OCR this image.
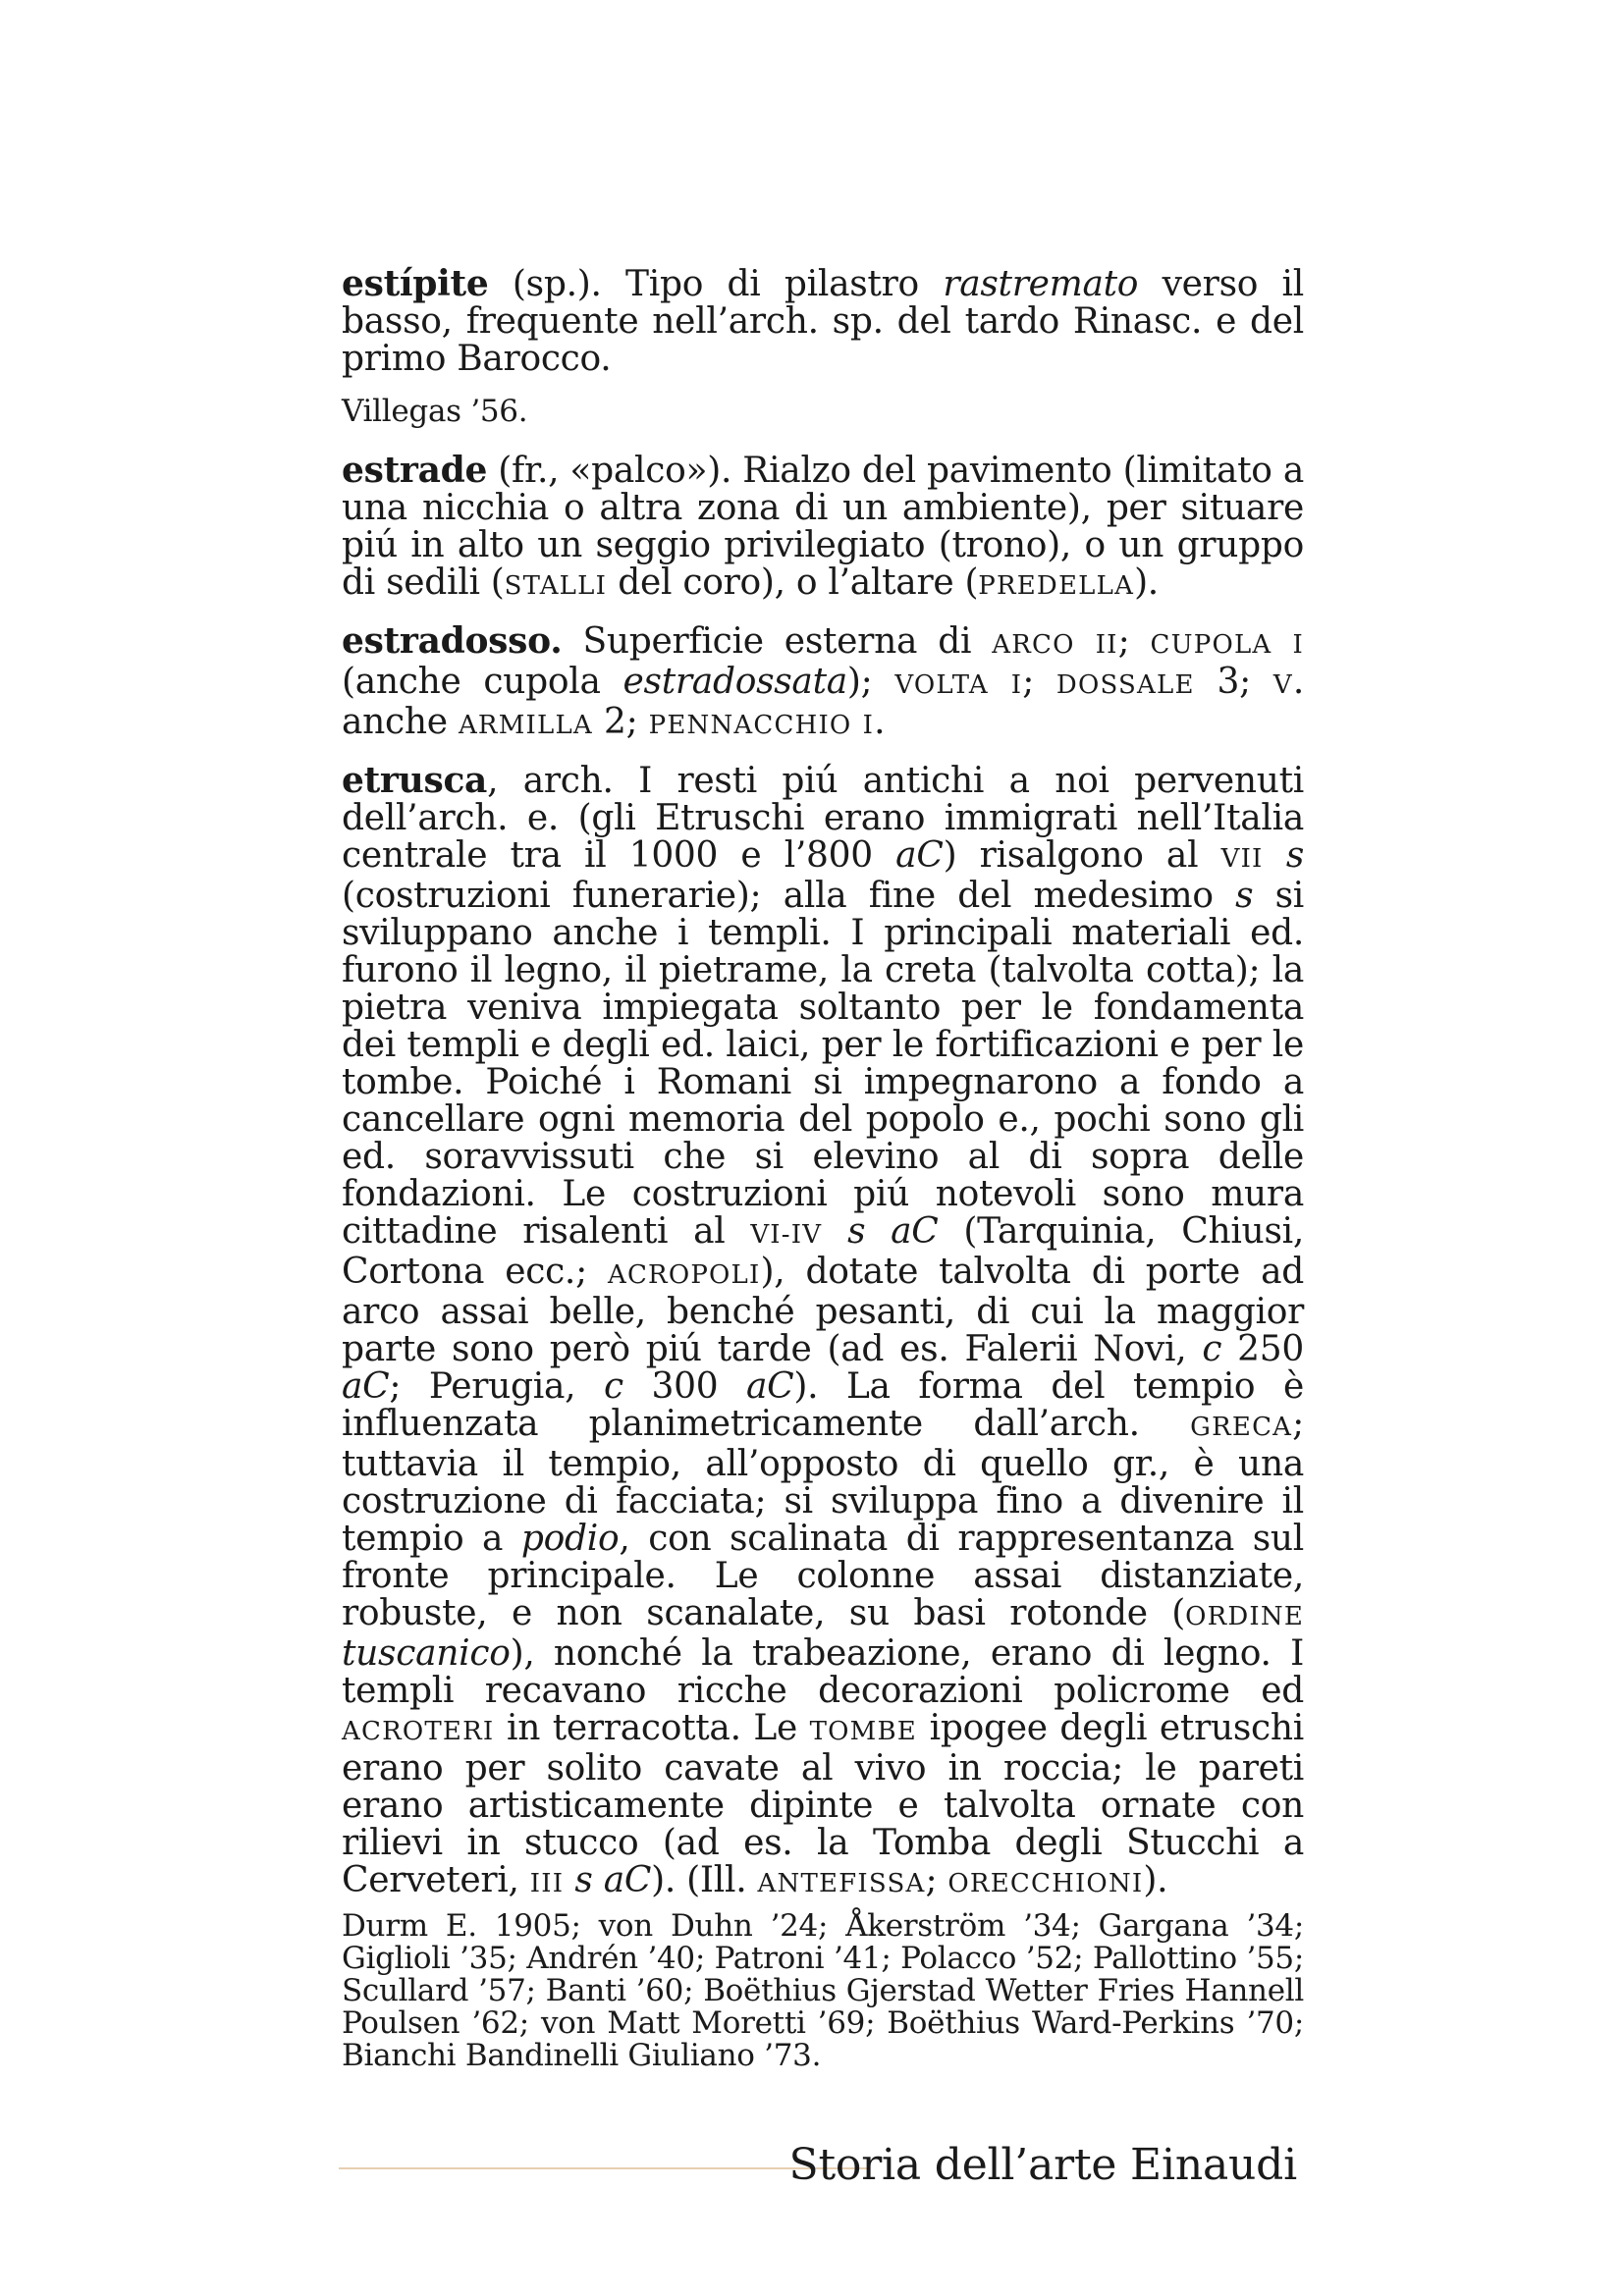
estípite (sp.). Tipo di pilastro rastremato verso il basso, frequente nell’arch. sp. del tardo Rinasc. e del primo Barocco.

Villegas ’56.

estrade (fr., «palco»). Rialzo del pavimento (limitato a una nicchia o altra zona di un ambiente), per situare piú in alto un seggio privilegiato (trono), o un gruppo di sedili (STALLI del coro), o l’altare (PREDELLA).

estradosso. Superficie esterna di ARCO II; CUPOLA I (anche cupola estradossata); VOLTA I; DOSSALE 3; V. anche ARMILLA 2; PENNACCHIO I.

etrusca, arch. I resti piú antichi a noi pervenuti dell’arch. e. (gli Etruschi erano immigrati nell’Italia centrale tra il 1000 e l’800 aC) risalgono al VII s (costruzioni funerarie); alla fine del medesimo s si sviluppano anche i templi. I principali materiali ed. furono il legno, il pietrame, la creta (talvolta cotta); la pietra veniva impiegata soltanto per le fondamenta dei templi e degli ed. laici, per le fortificazioni e per le tombe. Poiché i Romani si impegnarono a fondo a cancellare ogni memoria del popolo e., pochi sono gli ed. soravvissuti che si elevino al di sopra delle fondazioni. Le costruzioni piú notevoli sono mura cittadine risalenti al VI-IV s aC (Tarquinia, Chiusi, Cortona ecc.; ACROPOLI), dotate talvolta di porte ad arco assai belle, benché pesanti, di cui la maggior parte sono però piú tarde (ad es. Falerii Novi, c 250 aC; Perugia, c 300 aC). La forma del tempio è influenzata planimetricamente dall’arch. GRECA; tuttavia il tempio, all’opposto di quello gr., è una costruzione di facciata; si sviluppa fino a divenire il tempio a podio, con scalinata di rappresentanza sul fronte principale. Le colonne assai distanziate, robuste, e non scanalate, su basi rotonde (ORDINE tuscanico), nonché la trabeazione, erano di legno. I templi recavano ricche decorazioni policrome ed ACROTERI in terracotta. Le TOMBE ipogee degli etruschi erano per solito cavate al vivo in roccia; le pareti erano artisticamente dipinte e talvolta ornate con rilievi in stucco (ad es. la Tomba degli Stucchi a Cerveteri, III s aC). (Ill. ANTEFISSA; ORECCHIONI).

Durm E. 1905; von Duhn ’24; Åkerström ’34; Gargana ’34; Giglioli ’35; Andrén ’40; Patroni ’41; Polacco ’52; Pallottino ’55; Scullard ’57; Banti ’60; Boëthius Gjerstad Wetter Fries Hannell Poulsen ’62; von Matt Moretti ’69; Boëthius Ward-Perkins ’70; Bianchi Bandinelli Giuliano ’73.

Storia dell’arte Einaudi
